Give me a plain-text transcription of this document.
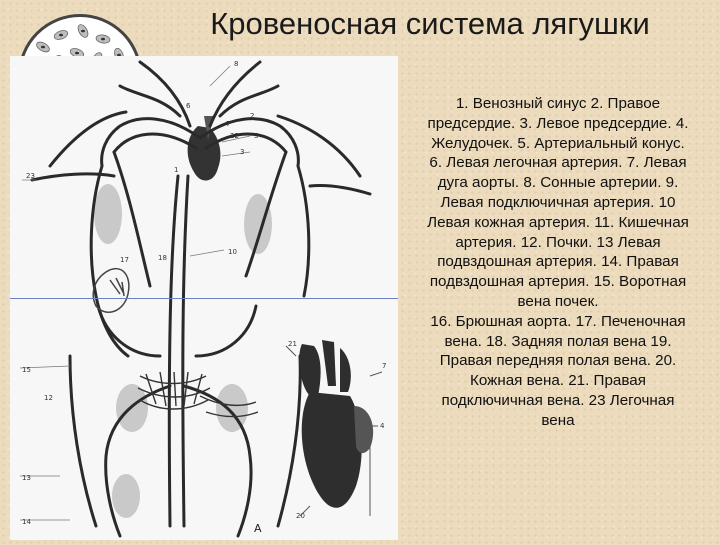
Кровеносная система лягушки
8
6
7
22
3
5
1
23
10
17	18
15
13
14
12
21
7
4
20
2
А
1. Венозный синус 2. Правое
предсердие. 3. Левое предсердие. 4.
Желудочек. 5. Артериальный конус.
6. Левая легочная артерия. 7. Левая
дуга аорты. 8. Сонные артерии. 9.
Левая подключичная артерия. 10
Левая кожная артерия. 11. Кишечная
артерия. 12. Почки. 13 Левая
подвздошная артерия. 14. Правая
подвздошная артерия. 15. Воротная
вена почек.
16. Брюшная аорта. 17. Печеночная
вена. 18. Задняя полая вена 19.
Правая передняя полая вена. 20.
Кожная вена. 21. Правая
подключичная вена. 23 Легочная
вена
